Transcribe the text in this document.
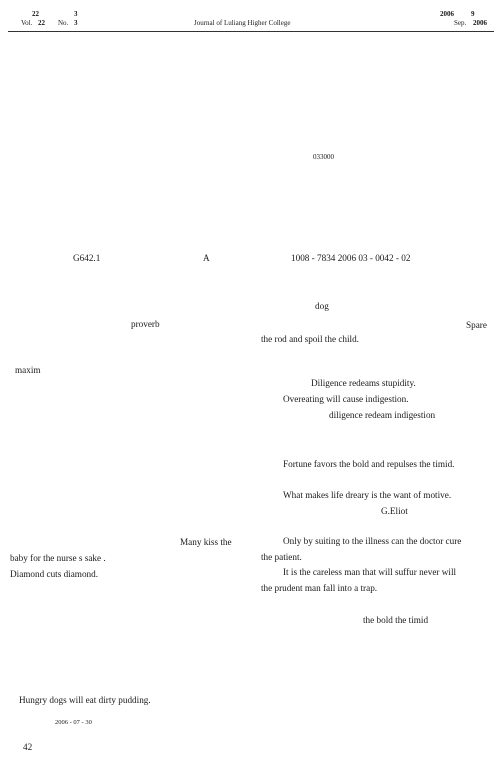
22	3
Vol. 22 No. 3	Journal of Luliang Higher College
2006 9
Sep. 2006
033000
G642.1	A	1008 - 7834 2006 03 - 0042 - 02
dog
Spare
the rod and spoil the child.
Diligence redeams stupidity.
Overeating will cause indigestion.
diligence redeam indigestion
Fortune favors the bold and repulses the timid.
What makes life dreary is the want of motive.
G.Eliot
Only by suiting to the illness can the doctor cure
the patient.
It is the careless man that will suffur never will
the prudent man fall into a trap.
the bold the timid
proverb
maxim
Many kiss the
baby for the nurse s sake .
Diamond cuts diamond.
Hungry dogs will eat dirty pudding.
2006 - 07 - 30
42
